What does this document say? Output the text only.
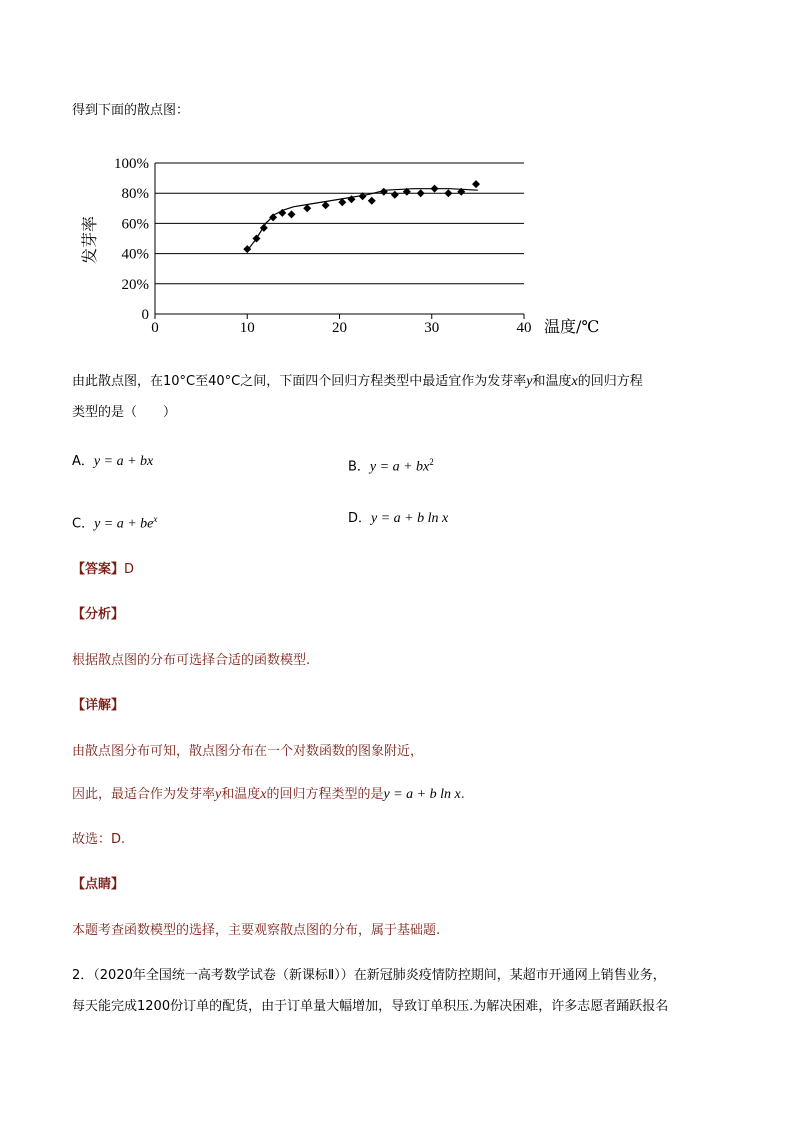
得到下面的散点图：
0
20%
40%
60%
80%
100%
0	10	20	30	40
发芽率
温度/℃
由此散点图，在10°C至40°C之间，下面四个回归方程类型中最适宜作为发芽率y和温度x的回归方程
类型的是（　　）
A．y = a + bx	B．$y = a + bx^2$
C．$y = a + be^x$	D．y = a + b ln x
【答案】D
【分析】
根据散点图的分布可选择合适的函数模型.
【详解】
由散点图分布可知，散点图分布在一个对数函数的图象附近，
因此，最适合作为发芽率y和温度x的回归方程类型的是y = a + b ln x.
故选：D.
【点睛】
本题考查函数模型的选择，主要观察散点图的分布，属于基础题.
2．（2020年全国统一高考数学试卷（新课标Ⅱ））在新冠肺炎疫情防控期间，某超市开通网上销售业务，
每天能完成1200份订单的配货，由于订单量大幅增加，导致订单积压.为解决困难，许多志愿者踊跃报名
